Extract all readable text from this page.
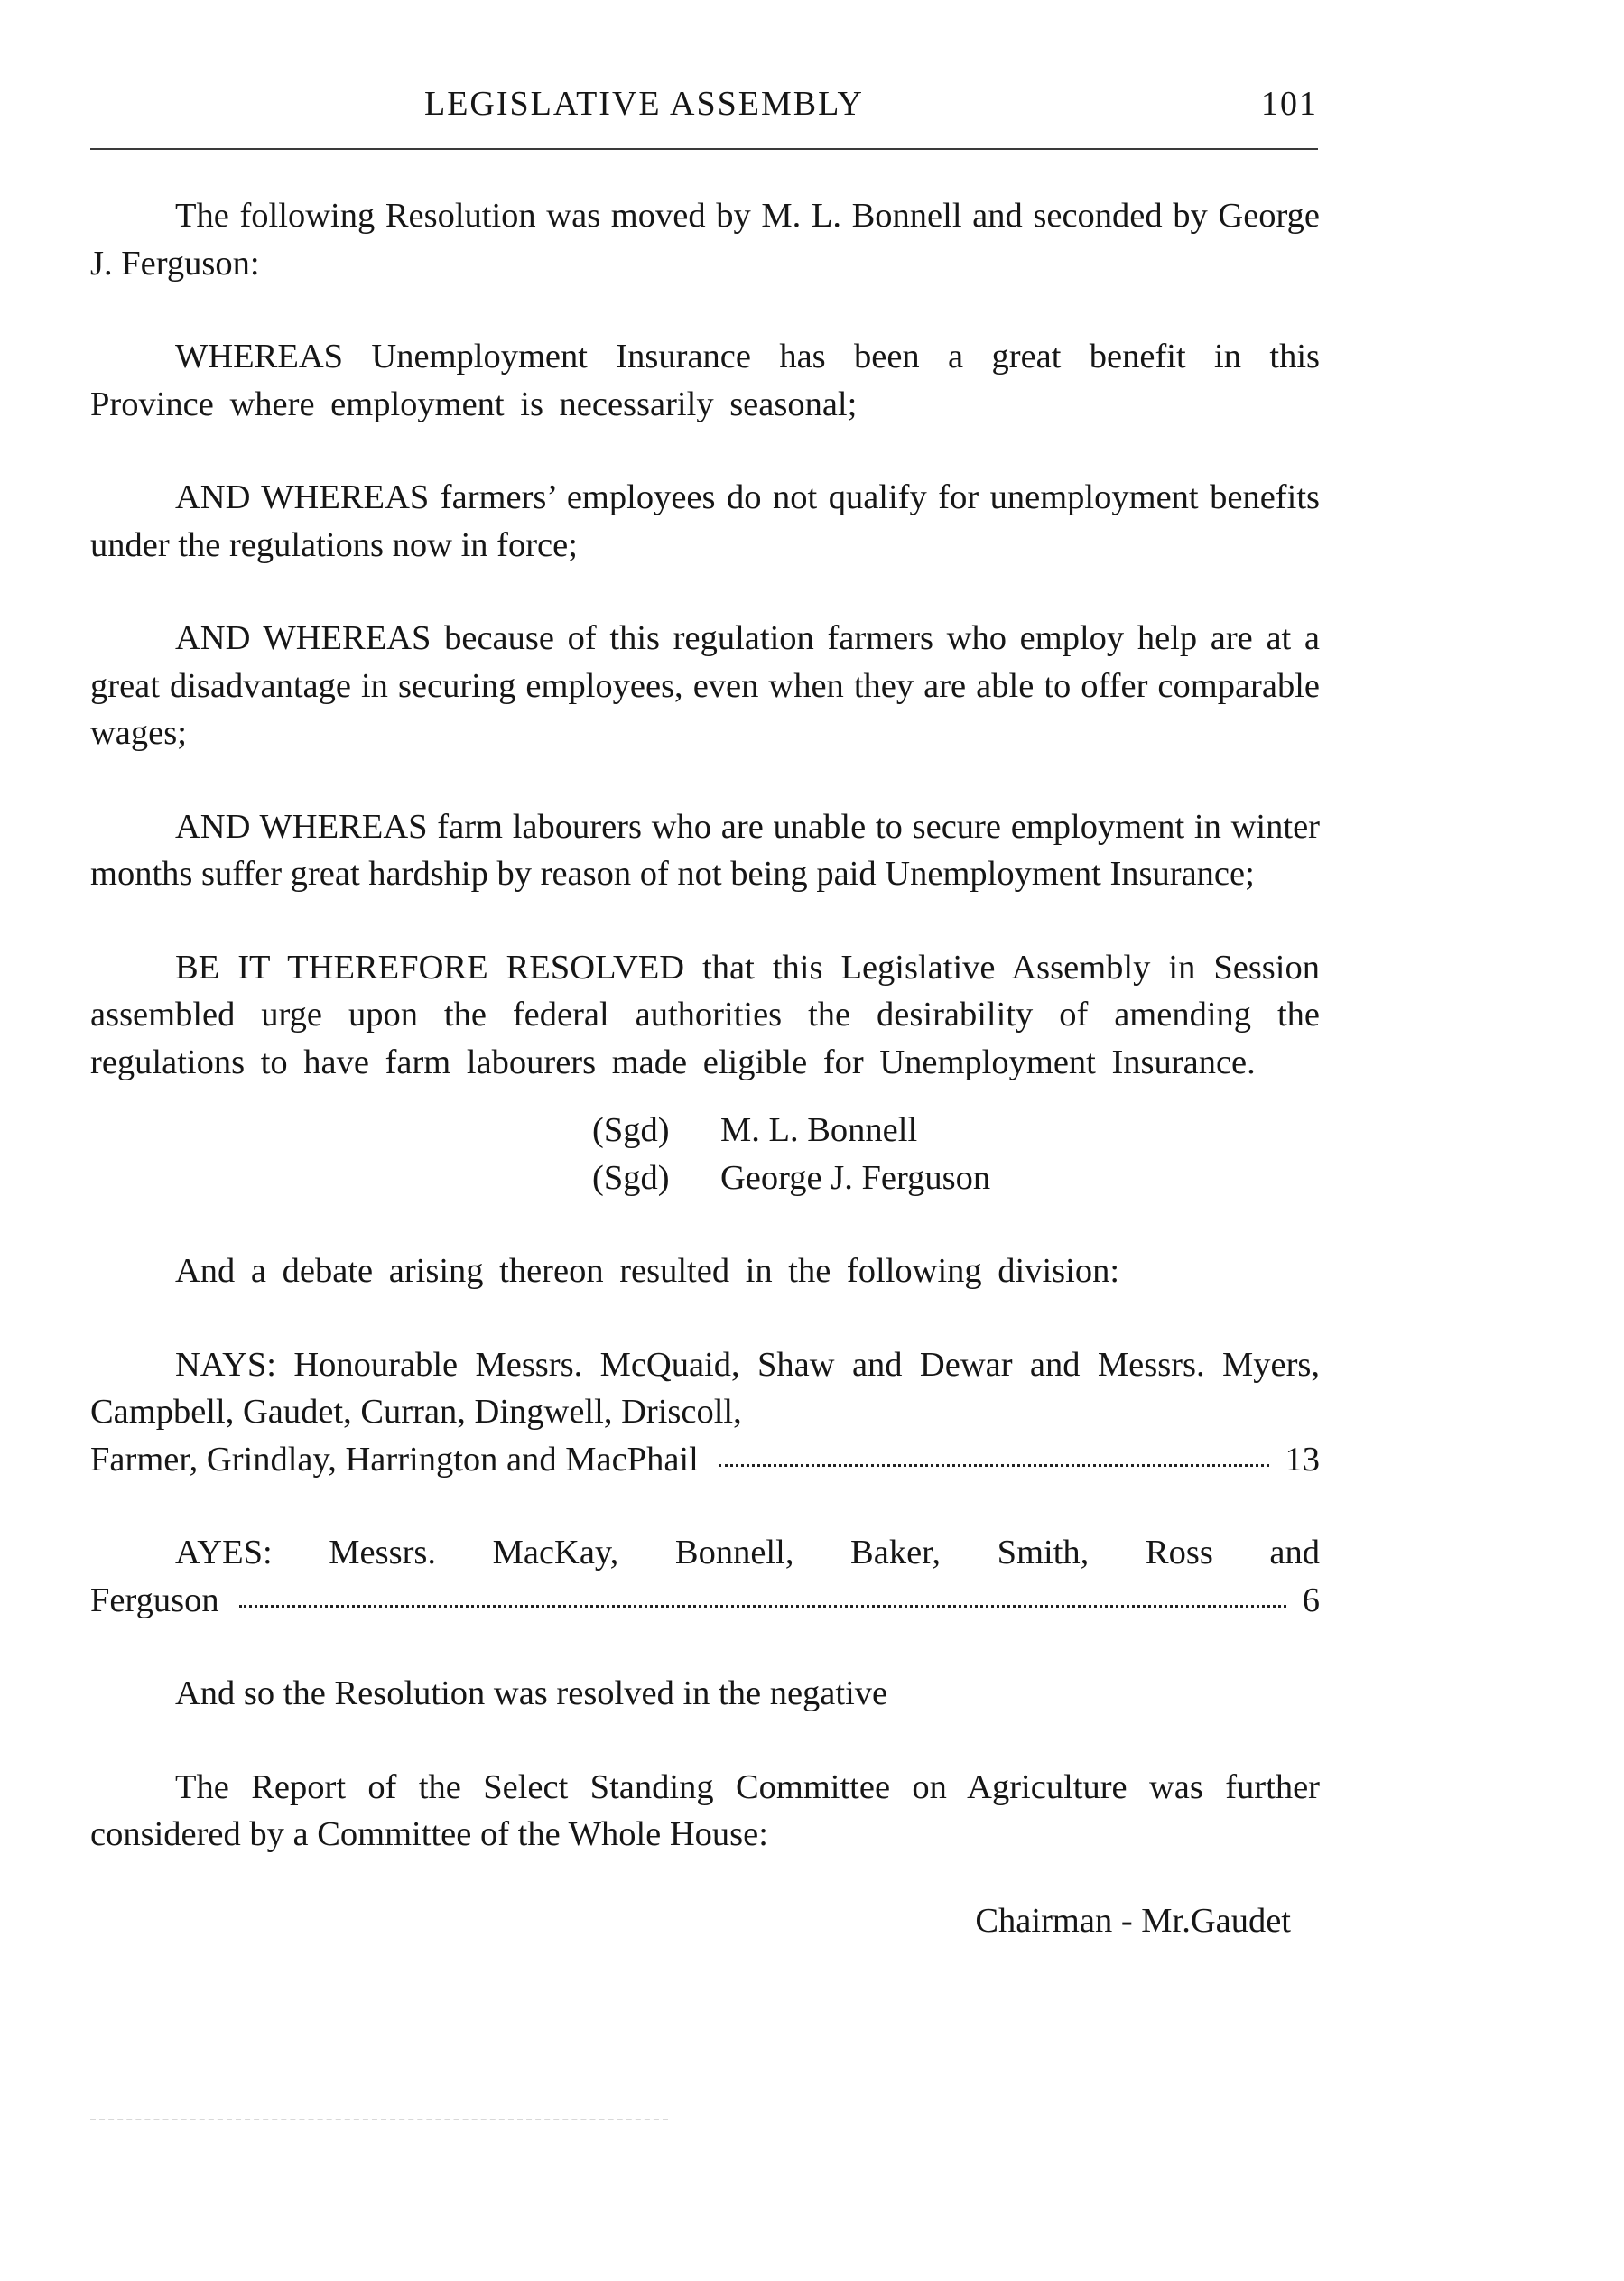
LEGISLATIVE ASSEMBLY	101

The following Resolution was moved by M. L. Bonnell and seconded by George J. Ferguson:

WHEREAS Unemployment Insurance has been a great benefit in this Province where employment is necessarily seasonal;

AND WHEREAS farmers’ employees do not qualify for unemployment benefits under the regulations now in force;

AND WHEREAS because of this regulation farmers who employ help are at a great disadvantage in securing employees, even when they are able to offer comparable wages;

AND WHEREAS farm labourers who are unable to secure employment in winter months suffer great hardship by reason of not being paid Unemployment Insurance;

BE IT THEREFORE RESOLVED that this Legislative Assembly in Session assembled urge upon the federal authorities the desirability of amending the regulations to have farm labourers made eligible for Unemployment Insurance.

(Sgd) M. L. Bonnell
(Sgd) George J. Ferguson

And a debate arising thereon resulted in the following division:

NAYS: Honourable Messrs. McQuaid, Shaw and Dewar and Messrs. Myers, Campbell, Gaudet, Curran, Dingwell, Driscoll,
Farmer, Grindlay, Harrington and MacPhail	13
AYES: Messrs. MacKay, Bonnell, Baker, Smith, Ross and
Ferguson	6

And so the Resolution was resolved in the negative

The Report of the Select Standing Committee on Agriculture was further considered by a Committee of the Whole House:

Chairman - Mr.Gaudet
